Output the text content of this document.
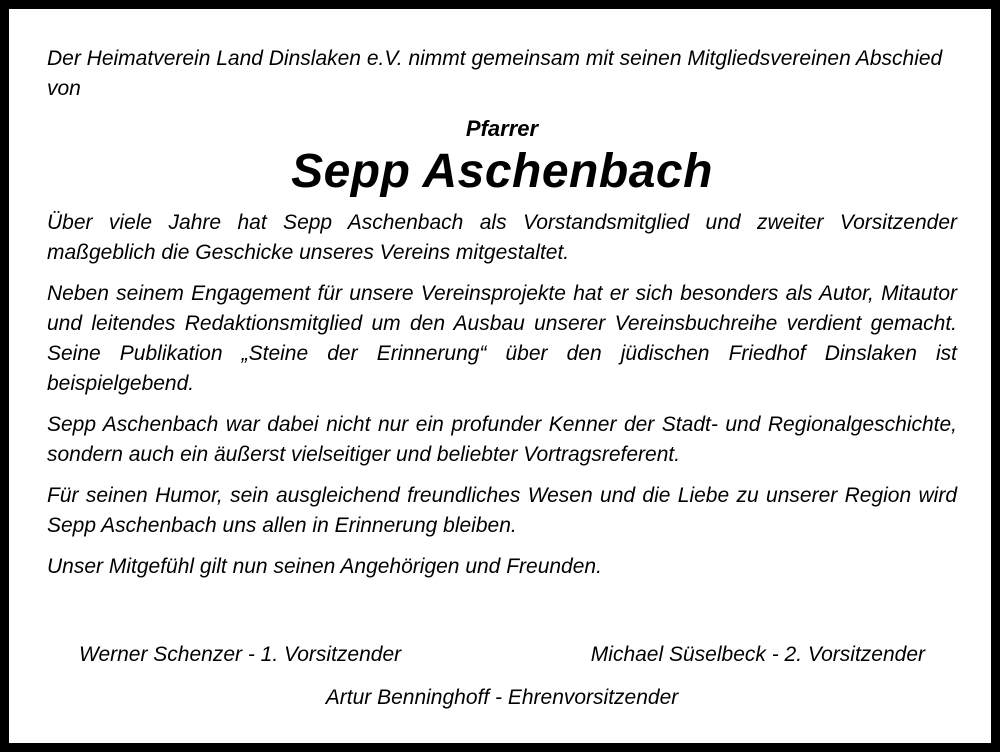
Der Heimatverein Land Dinslaken e.V. nimmt gemeinsam mit seinen Mitgliedsvereinen Abschied von

Pfarrer
Sepp Aschenbach

Über viele Jahre hat Sepp Aschenbach als Vorstandsmitglied und zweiter Vorsitzender maßgeblich die Geschicke unseres Vereins mitgestaltet.

Neben seinem Engagement für unsere Vereinsprojekte hat er sich besonders als Autor, Mitautor und leitendes Redaktionsmitglied um den Ausbau unserer Vereinsbuchreihe verdient gemacht. Seine Publikation „Steine der Erinnerung“ über den jüdischen Friedhof Dinslaken ist beispielgebend.

Sepp Aschenbach war dabei nicht nur ein profunder Kenner der Stadt- und Regionalgeschichte, sondern auch ein äußerst vielseitiger und beliebter Vortragsreferent.

Für seinen Humor, sein ausgleichend freundliches Wesen und die Liebe zu unserer Region wird Sepp Aschenbach uns allen in Erinnerung bleiben.

Unser Mitgefühl gilt nun seinen Angehörigen und Freunden.

Werner Schenzer - 1. Vorsitzender	Michael Süselbeck - 2. Vorsitzender
Artur Benninghoff - Ehrenvorsitzender
